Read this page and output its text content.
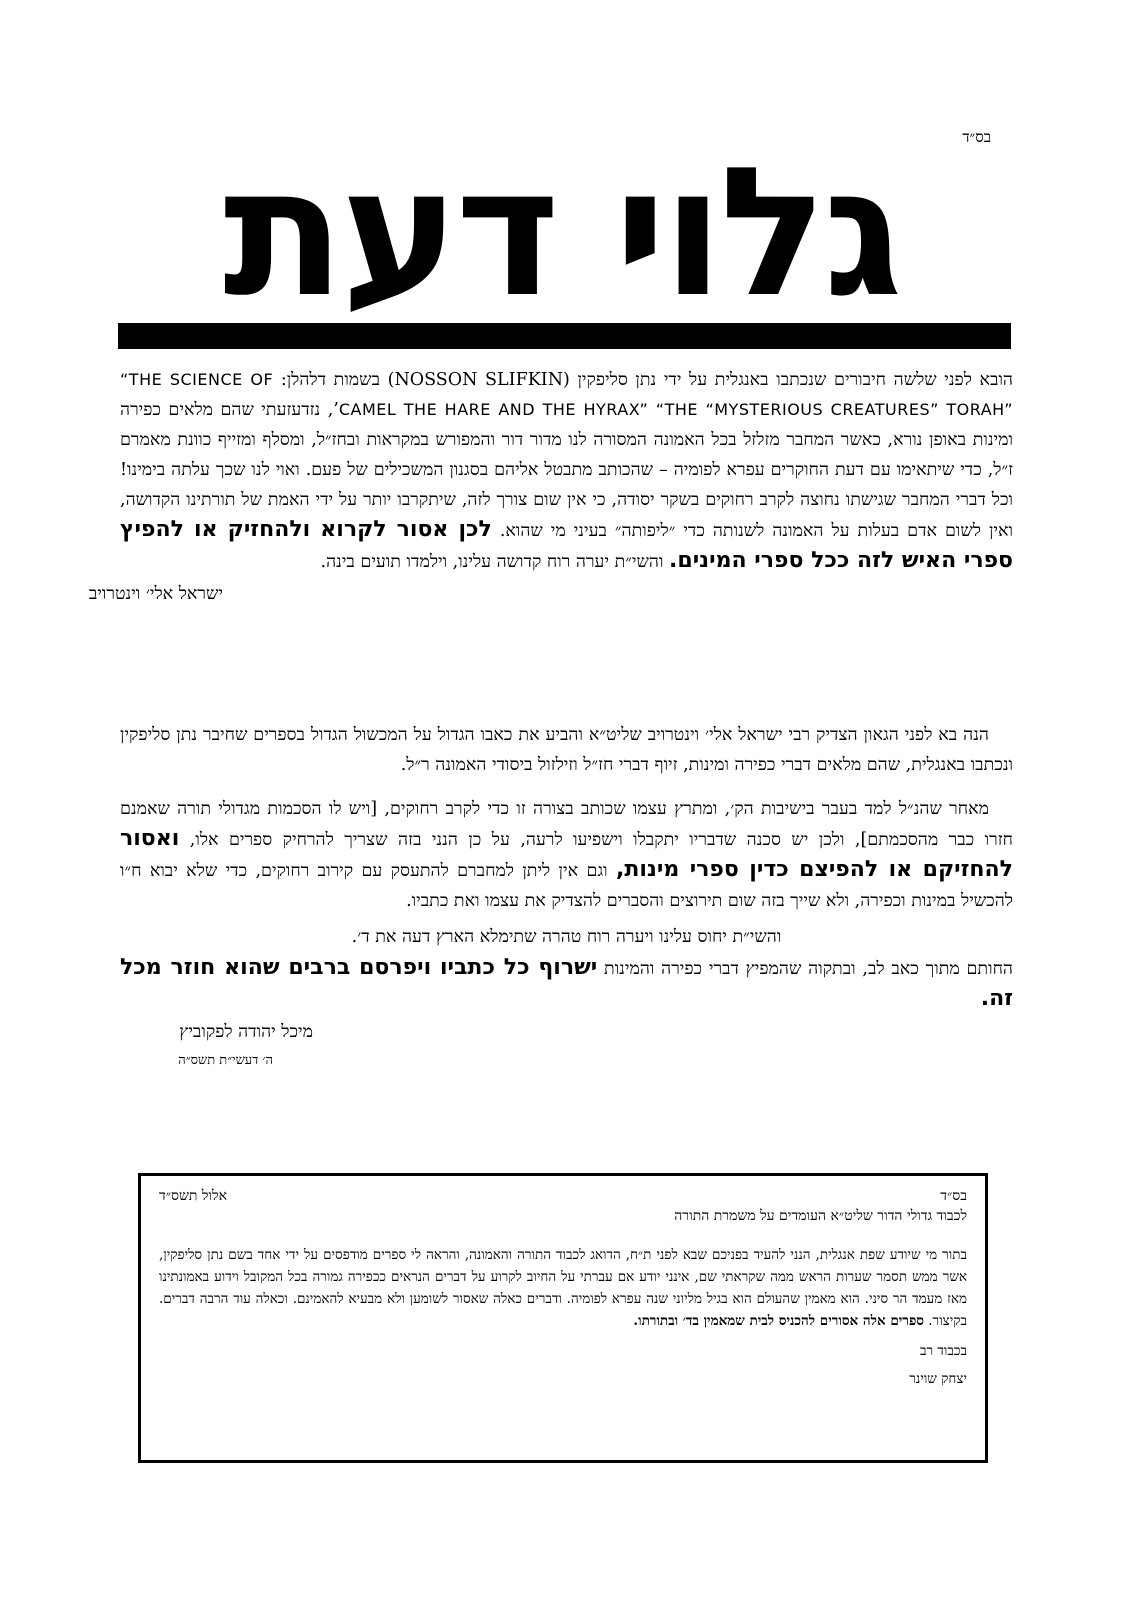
בס״ד
גלוי דעת

הובא לפני שלשה חיבורים שנכתבו באנגלית על ידי נתן סליפקין (NOSSON SLIFKIN) בשמות דלהלן: “THE SCIENCE OF TORAH” “MYSTERIOUS CREATURES” “THE CAMEL THE HARE AND THE HYRAX”’, נזדעזעתי שהם מלאים כפירה ומינות באופן נורא, כאשר המחבר מזלזל בכל האמונה המסורה לנו מדור דור והמפורש במקראות ובחז״ל, ומסלף ומזייף כוונת מאמרם ז״ל, כדי שיתאימו עם דעת החוקרים עפרא לפומיה – שהכותב מתבטל אליהם בסגנון המשכילים של פעם. ואוי לנו שכך עלתה בימינו! וכל דברי המחבר שגישתו נחוצה לקרב רחוקים בשקר יסודה, כי אין שום צורך לזה, שיתקרבו יותר על ידי האמת של תורתינו הקדושה, ואין לשום אדם בעלות על האמונה לשנותה כדי ״ליפותה״ בעיני מי שהוא. לכן אסור לקרוא ולהחזיק או להפיץ ספרי האיש לזה ככל ספרי המינים. והשי״ת יערה רוח קדושה עלינו, וילמדו תועים בינה.

ישראל אלי׳ וינטרויב

הנה בא לפני הגאון הצדיק רבי ישראל אלי׳ וינטרויב שליט״א והביע את כאבו הגדול על המכשול הגדול בספרים שחיבר נתן סליפקין ונכתבו באנגלית, שהם מלאים דברי כפירה ומינות, זיוף דברי חז״ל וזילזול ביסודי האמונה ר״ל.

מאחר שהנ״ל למד בעבר בישיבות הק׳, ומתרץ עצמו שכותב בצורה זו כדי לקרב רחוקים, [ויש לו הסכמות מגדולי תורה שאמנם חזרו כבר מהסכמתם], ולכן יש סכנה שדבריו יתקבלו וישפיעו לרעה, על כן הנני בזה שצריך להרחיק ספרים אלו, ואסור להחזיקם או להפיצם כדין ספרי מינות, וגם אין ליתן למחברם להתעסק עם קירוב רחוקים, כדי שלא יבוא ח״ו להכשיל במינות וכפירה, ולא שייך בזה שום תירוצים והסברים להצדיק את עצמו ואת כתביו.

והשי״ת יחוס עלינו ויערה רוח טהרה שתימלא הארץ דעה את ד׳.

החותם מתוך כאב לב, ובתקוה שהמפיץ דברי כפירה והמינות ישרוף כל כתביו ויפרסם ברבים שהוא חוזר מכל זה.

מיכל יהודה לפקוביץ

ה׳ דעשי״ת תשס״ה

בס״ד
אלול תשס״ד
לכבוד גדולי הדור שליט״א העומדים על משמרת התורה

בתור מי שיודע שפת אנגלית, הנני להעיד בפניכם שבא לפני ת״ח, הדואג לכבוד התורה והאמונה, והראה לי ספרים מודפסים על ידי אחד בשם נתן סליפקין, אשר ממש תסמר שערות הראש ממה שקראתי שם, אינני יודע אם עברתי על החיוב לקרוע על דברים הנראים ככפירה גמורה בכל המקובל וידוע באמונתינו מאז מעמד הר סיני. הוא מאמין שהעולם הוא בגיל מליוני שנה עפרא לפומיה. ודברים כאלה שאסור לשומען ולא מבעיא להאמינם. וכאלה עוד הרבה דברים. בקיצור. ספרים אלה אסורים להכניס לבית שמאמין בד׳ ובתורתו.

בכבוד רב

יצחק שוינר
